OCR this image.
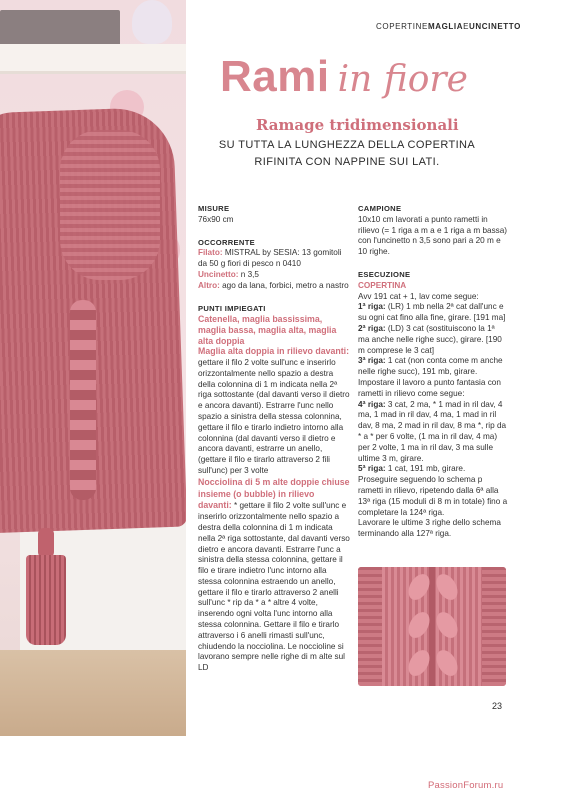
COPERTINEMAGLIAEUNCINETTO
Rami in fiore
Ramage tridimensionali
SU TUTTA LA LUNGHEZZA DELLA COPERTINA
RIFINITA CON NAPPINE SUI LATI.
MISURE
76x90 cm
OCCORRENTE
Filato: MISTRAL by SESIA: 13 gomitoli da 50 g fiori di pesco n 0410
Uncinetto: n 3,5
Altro: ago da lana, forbici, metro a nastro
PUNTI IMPIEGATI
Catenella, maglia bassissima, maglia bassa, maglia alta, maglia alta doppia
Maglia alta doppia in rilievo davanti: gettare il filo 2 volte sull'unc e inserirlo orizzontalmente nello spazio a destra della colonnina di 1 m indicata nella 2ª riga sottostante (dal davanti verso il dietro e ancora davanti). Estrarre l'unc nello spazio a sinistra della stessa colonnina, gettare il filo e tirarlo indietro intorno alla colonnina (dal davanti verso il dietro e ancora davanti, estrarre un anello, (gettare il filo e tirarlo attraverso 2 fili sull'unc) per 3 volte
Nocciolina di 5 m alte doppie chiuse insieme (o bubble) in rilievo davanti: * gettare il filo 2 volte sull'unc e inserirlo orizzontalmente nello spazio a destra della colonnina di 1 m indicata nella 2ª riga sottostante, dal davanti verso dietro e ancora davanti. Estrarre l'unc a sinistra della stessa colonnina, gettare il filo e tirare indietro l'unc intorno alla stessa colonnina estraendo un anello, gettare il filo e tirarlo attraverso 2 anelli sull'unc * rip da * a * altre 4 volte, inserendo ogni volta l'unc intorno alla stessa colonnina. Gettare il filo e tirarlo attraverso i 6 anelli rimasti sull'unc, chiudendo la nocciolina. Le noccioline si lavorano sempre nelle righe di m alte sul LD
CAMPIONE
10x10 cm lavorati a punto rametti in rilievo (= 1 riga a m a e 1 riga a m bassa) con l'uncinetto n 3,5 sono pari a 20 m e 10 righe.
ESECUZIONE
COPERTINA
Avv 191 cat + 1, lav come segue:
1ª riga: (LR) 1 mb nella 2ª cat dall'unc e su ogni cat fino alla fine, girare. [191 ma]
2ª riga: (LD) 3 cat (sostituiscono la 1ª ma anche nelle righe succ), girare. [190 m comprese le 3 cat]
3ª riga: 1 cat (non conta come m anche nelle righe succ), 191 mb, girare.
Impostare il lavoro a punto fantasia con rametti in rilievo come segue:
4ª riga: 3 cat, 2 ma, * 1 mad in ril dav, 4 ma, 1 mad in ril dav, 4 ma, 1 mad in ril dav, 8 ma, 2 mad in ril dav, 8 ma *, rip da * a * per 6 volte, (1 ma in ril dav, 4 ma) per 2 volte, 1 ma in ril dav, 3 ma sulle ultime 3 m, girare.
5ª riga: 1 cat, 191 mb, girare.
Proseguire seguendo lo schema p rametti in rilievo, ripetendo dalla 6ª alla 13ª riga (15 moduli di 8 m in totale) fino a completare la 124ª riga.
Lavorare le ultime 3 righe dello schema terminando alla 127ª riga.
23
PassionForum.ru
